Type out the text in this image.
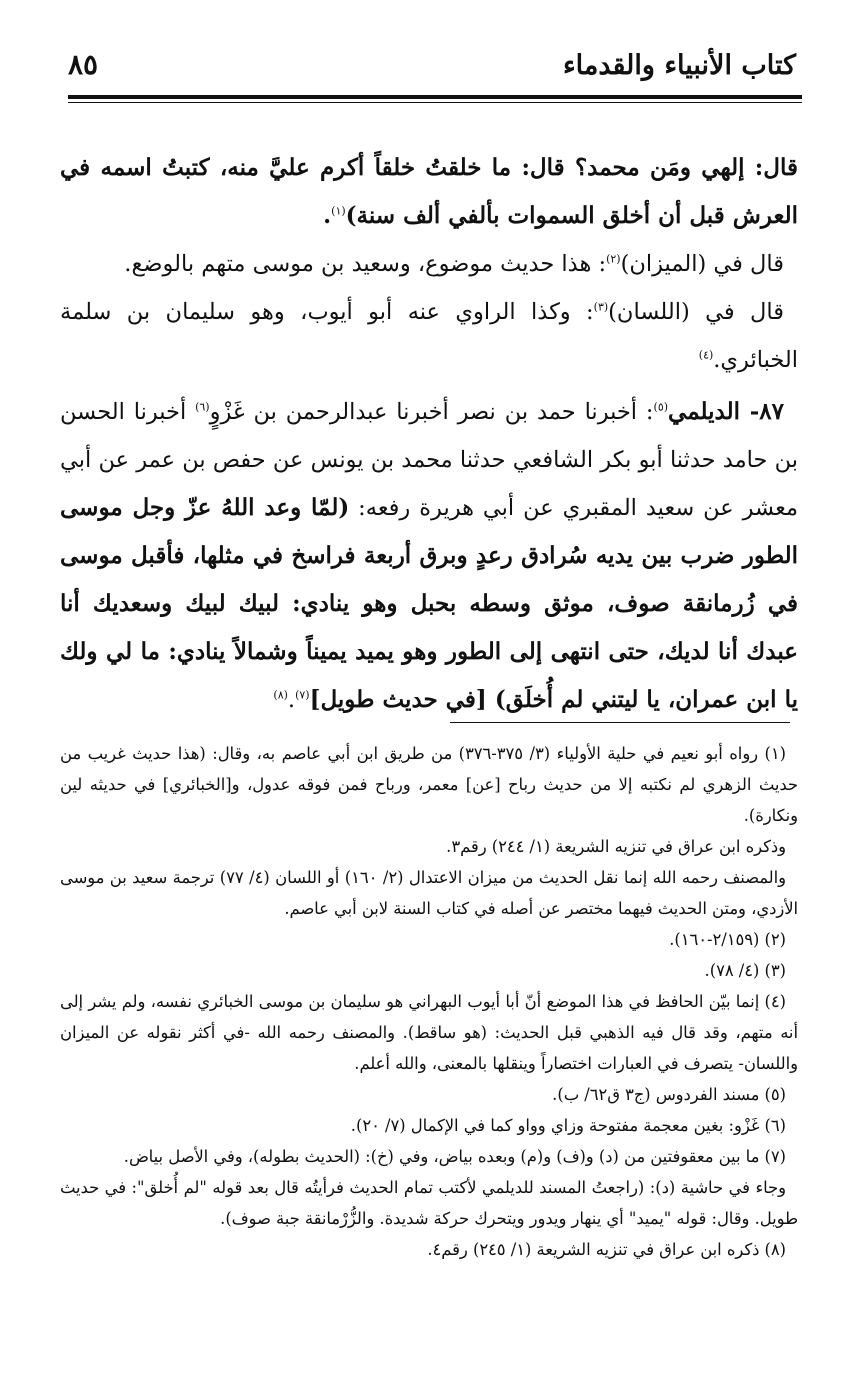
كتاب الأنبياء والقدماء
٨٥

قال: إلهي ومَن محمد؟ قال: ما خلقتُ خلقاً أكرم عليَّ منه، كتبتُ اسمه في العرش قبل أن أخلق السموات بألفي ألف سنة)$^{(١)}$.

قال في (الميزان)$^{(٢)}$: هذا حديث موضوع، وسعيد بن موسى متهم بالوضع.

قال في (اللسان)$^{(٣)}$: وكذا الراوي عنه أبو أيوب، وهو سليمان بن سلمة الخبائري.$^{(٤)}$

٨٧- الديلمي$^{(٥)}$: أخبرنا حمد بن نصر أخبرنا عبدالرحمن بن غَزْوٍ$^{(٦)}$ أخبرنا الحسن بن حامد حدثنا أبو بكر الشافعي حدثنا محمد بن يونس عن حفص بن عمر عن أبي معشر عن سعيد المقبري عن أبي هريرة رفعه: (لمّا وعد اللهُ عزّ وجل موسى الطور ضرب بين يديه سُرادق رعدٍ وبرق أربعة فراسخ في مثلها، فأقبل موسى في زُرمانقة صوف، موثق وسطه بحبل وهو ينادي: لبيك لبيك وسعديك أنا عبدك أنا لديك، حتى انتهى إلى الطور وهو يميد يميناً وشمالاً ينادي: ما لي ولك يا ابن عمران، يا ليتني لم أُخلَق) [في حديث طويل]$^{(٧)}$.$^{(٨)}$

(١) رواه أبو نعيم في حلية الأولياء (٣/ ٣٧٥-٣٧٦) من طريق ابن أبي عاصم به، وقال: (هذا حديث غريب من حديث الزهري لم نكتبه إلا من حديث رباح [عن] معمر، ورباح فمن فوقه عدول، و[الخبائري] في حديثه لين ونكارة).

وذكره ابن عراق في تنزيه الشريعة (١/ ٢٤٤) رقم٣.

والمصنف رحمه الله إنما نقل الحديث من ميزان الاعتدال (٢/ ١٦٠) أو اللسان (٤/ ٧٧) ترجمة سعيد بن موسى الأزدي، ومتن الحديث فيهما مختصر عن أصله في كتاب السنة لابن أبي عاصم.

(٢) (٢/١٥٩-١٦٠).

(٣) (٤/ ٧٨).

(٤) إنما بيّن الحافظ في هذا الموضع أنّ أبا أيوب البهراني هو سليمان بن موسى الخبائري نفسه، ولم يشر إلى أنه متهم، وقد قال فيه الذهبي قبل الحديث: (هو ساقط). والمصنف رحمه الله -في أكثر نقوله عن الميزان واللسان- يتصرف في العبارات اختصاراً وينقلها بالمعنى، والله أعلم.

(٥) مسند الفردوس (ج٣ ق٦٢/ ب).

(٦) غَزْو: بغين معجمة مفتوحة وزاي وواو كما في الإكمال (٧/ ٢٠).

(٧) ما بين معقوفتين من (د) و(ف) و(م) وبعده بياض، وفي (خ): (الحديث بطوله)، وفي الأصل بياض.

وجاء في حاشية (د): (راجعتُ المسند للديلمي لأكتب تمام الحديث فرأيتُه قال بعد قوله "لم أُخلق": في حديث طويل. وقال: قوله "يميد" أي ينهار ويدور ويتحرك حركة شديدة. والزُّرْمانقة جبة صوف).

(٨) ذكره ابن عراق في تنزيه الشريعة (١/ ٢٤٥) رقم٤.
